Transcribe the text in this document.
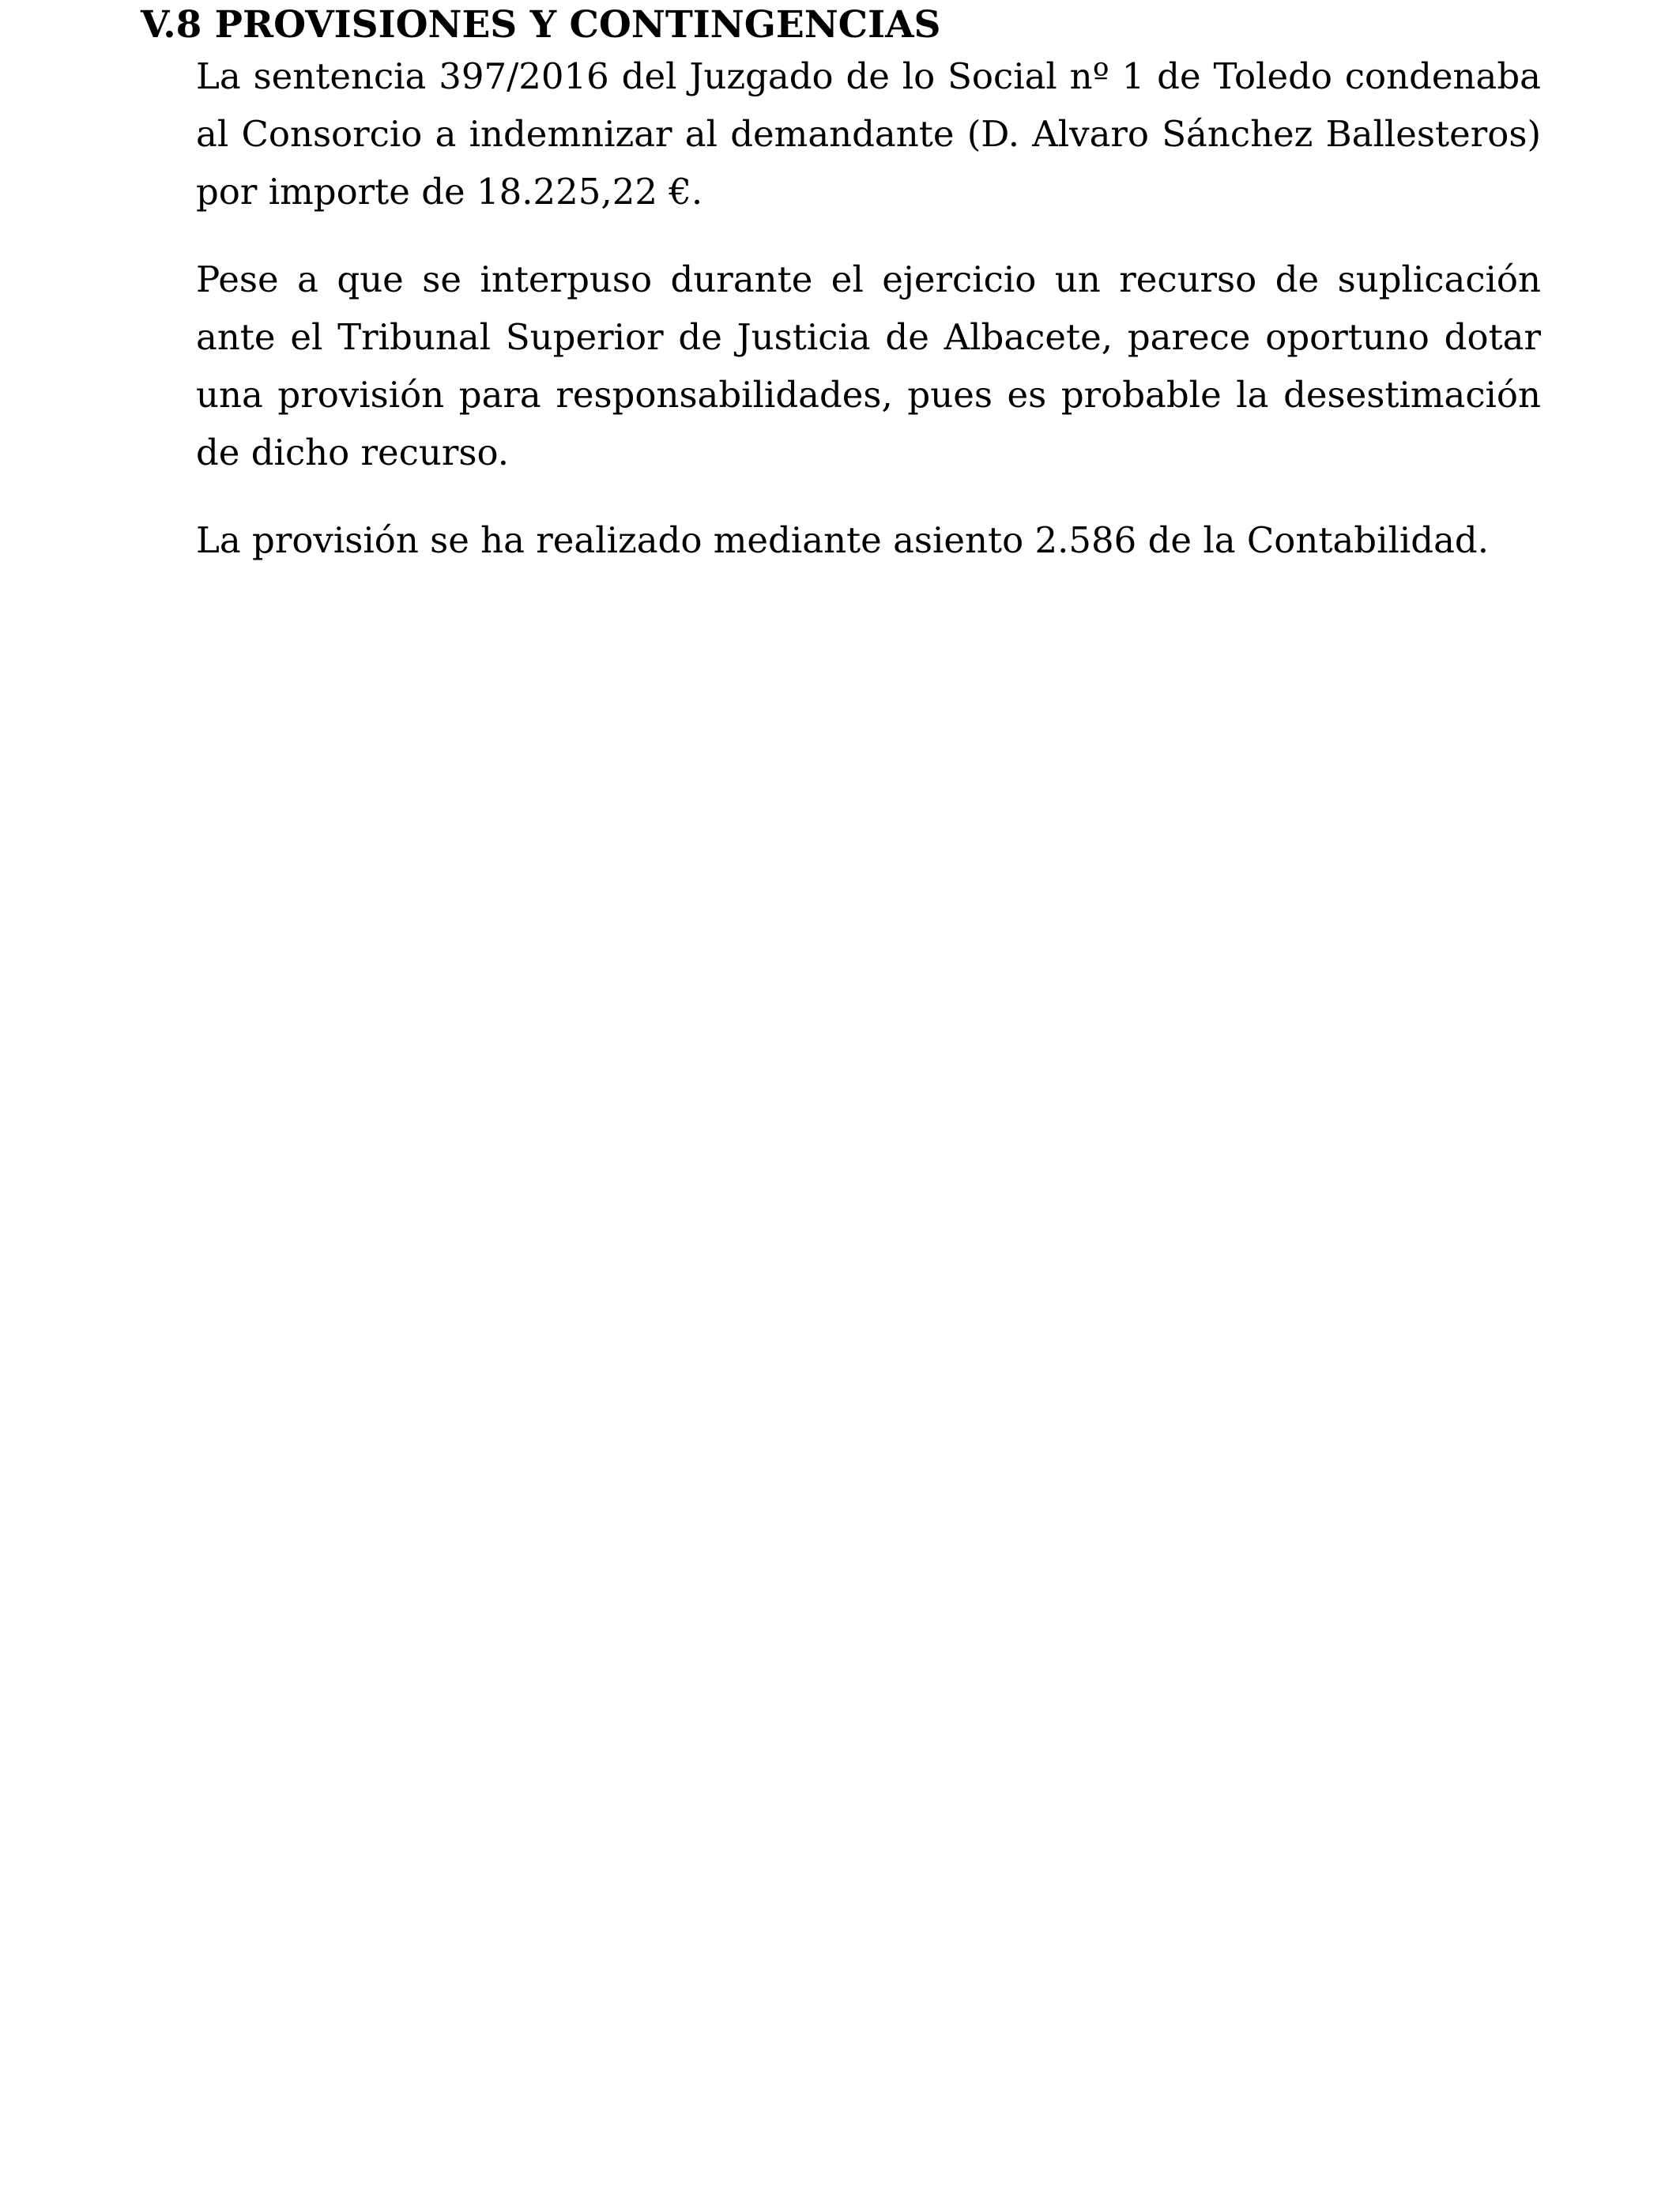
V.8 PROVISIONES Y CONTINGENCIAS

La sentencia 397/2016 del Juzgado de lo Social nº 1 de Toledo condenaba al Consorcio a indemnizar al demandante (D. Alvaro Sánchez Ballesteros) por importe de 18.225,22 €.

Pese a que se interpuso durante el ejercicio un recurso de suplicación ante el Tribunal Superior de Justicia de Albacete, parece oportuno dotar una provisión para responsabilidades, pues es probable la desestimación de dicho recurso.

La provisión se ha realizado mediante asiento 2.586 de la Contabilidad.
